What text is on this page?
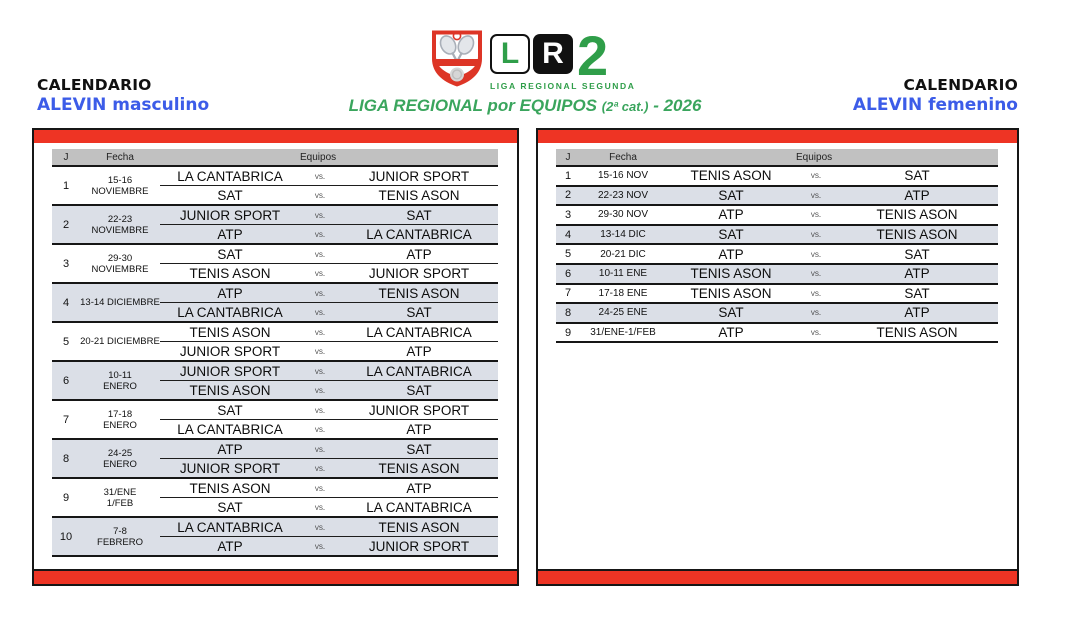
L R 2
LIGA REGIONAL SEGUNDA
LIGA REGIONAL por EQUIPOS (2ª cat.) - 2026
CALENDARIO
ALEVIN masculino
CALENDARIO
ALEVIN femenino
J	Fecha	Equipos
1	15-16
NOVIEMBRE
LA CANTABRICA	vs.	JUNIOR SPORT
SAT	vs.	TENIS ASON
2	22-23
NOVIEMBRE
JUNIOR SPORT	vs.	SAT
ATP	vs.	LA CANTABRICA
3	29-30
NOVIEMBRE
SAT	vs.	ATP
TENIS ASON	vs.	JUNIOR SPORT
4	13-14 DICIEMBRE
ATP	vs.	TENIS ASON
LA CANTABRICA	vs.	SAT
5	20-21 DICIEMBRE
TENIS ASON	vs.	LA CANTABRICA
JUNIOR SPORT	vs.	ATP
6	10-11
ENERO
JUNIOR SPORT	vs.	LA CANTABRICA
TENIS ASON	vs.	SAT
7	17-18
ENERO
SAT	vs.	JUNIOR SPORT
LA CANTABRICA	vs.	ATP
8	24-25
ENERO
ATP	vs.	SAT
JUNIOR SPORT	vs.	TENIS ASON
9	31/ENE
1/FEB
TENIS ASON	vs.	ATP
SAT	vs.	LA CANTABRICA
10	7-8
FEBRERO
LA CANTABRICA	vs.	TENIS ASON
ATP	vs.	JUNIOR SPORT
J	Fecha	Equipos
1	15-16 NOV	TENIS ASON	vs.	SAT
2	22-23 NOV	SAT	vs.	ATP
3	29-30 NOV	ATP	vs.	TENIS ASON
4	13-14 DIC	SAT	vs.	TENIS ASON
5	20-21 DIC	ATP	vs.	SAT
6	10-11 ENE	TENIS ASON	vs.	ATP
7	17-18 ENE	TENIS ASON	vs.	SAT
8	24-25 ENE	SAT	vs.	ATP
9	31/ENE-1/FEB	ATP	vs.	TENIS ASON
